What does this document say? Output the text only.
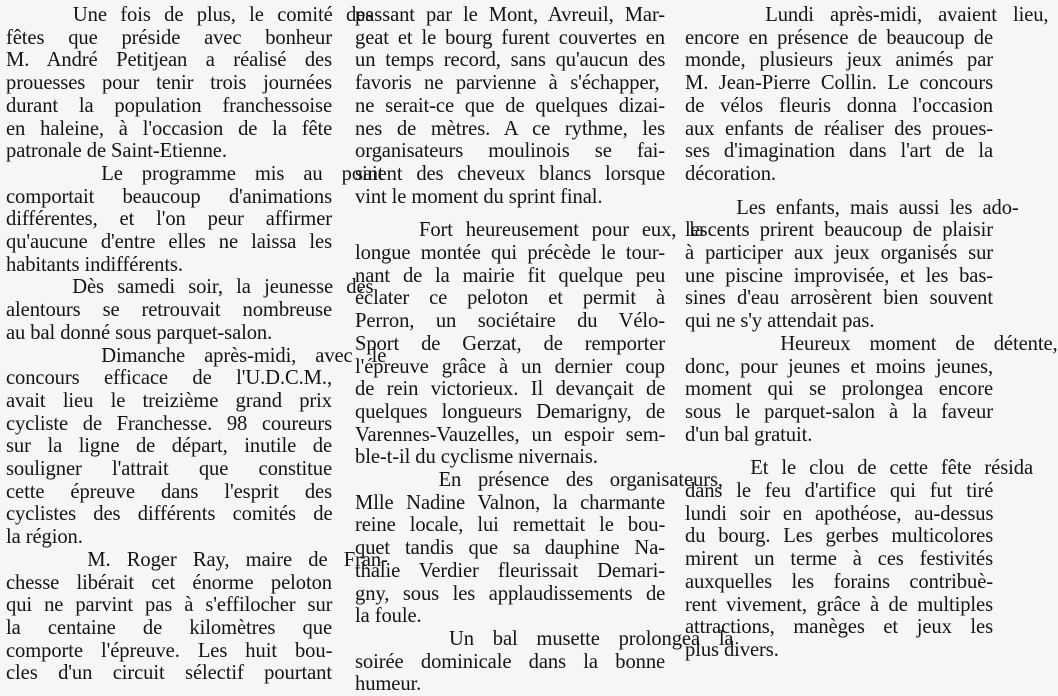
Une fois de plus, le comité des
fêtes que préside avec bonheur
M. André Petitjean a réalisé des
prouesses pour tenir trois journées
durant la population franchessoise
en haleine, à l'occasion de la fête
patronale de Saint-Etienne.
Le programme mis au point
comportait beaucoup d'animations
différentes, et l'on peur affirmer
qu'aucune d'entre elles ne laissa les
habitants indifférents.
Dès samedi soir, la jeunesse des
alentours se retrouvait nombreuse
au bal donné sous parquet-salon.
Dimanche après-midi, avec le
concours efficace de l'U.D.C.M.,
avait lieu le treizième grand prix
cycliste de Franchesse. 98 coureurs
sur la ligne de départ, inutile de
souligner l'attrait que constitue
cette épreuve dans l'esprit des
cyclistes des différents comités de
la région.
M. Roger Ray, maire de Fran-
chesse libérait cet énorme peloton
qui ne parvint pas à s'effilocher sur
la centaine de kilomètres que
comporte l'épreuve. Les huit bou-
cles d'un circuit sélectif pourtant
passant par le Mont, Avreuil, Mar-
geat et le bourg furent couvertes en
un temps record, sans qu'aucun des
favoris ne parvienne à s'échapper,
ne serait-ce que de quelques dizai-
nes de mètres. A ce rythme, les
organisateurs moulinois se fai-
saient des cheveux blancs lorsque
vint le moment du sprint final.
Fort heureusement pour eux, la
longue montée qui précède le tour-
nant de la mairie fit quelque peu
éclater ce peloton et permit à
Perron, un sociétaire du Vélo-
Sport de Gerzat, de remporter
l'épreuve grâce à un dernier coup
de rein victorieux. Il devançait de
quelques longueurs Demarigny, de
Varennes-Vauzelles, un espoir sem-
ble-t-il du cyclisme nivernais.
En présence des organisateurs,
Mlle Nadine Valnon, la charmante
reine locale, lui remettait le bou-
quet tandis que sa dauphine Na-
thalie Verdier fleurissait Demari-
gny, sous les applaudissements de
la foule.
Un bal musette prolongea la
soirée dominicale dans la bonne
humeur.
Lundi après-midi, avaient lieu,
encore en présence de beaucoup de
monde, plusieurs jeux animés par
M. Jean-Pierre Collin. Le concours
de vélos fleuris donna l'occasion
aux enfants de réaliser des proues-
ses d'imagination dans l'art de la
décoration.
Les enfants, mais aussi les ado-
lescents prirent beaucoup de plaisir
à participer aux jeux organisés sur
une piscine improvisée, et les bas-
sines d'eau arrosèrent bien souvent
qui ne s'y attendait pas.
Heureux moment de détente,
donc, pour jeunes et moins jeunes,
moment qui se prolongea encore
sous le parquet-salon à la faveur
d'un bal gratuit.
Et le clou de cette fête résida
dans le feu d'artifice qui fut tiré
lundi soir en apothéose, au-dessus
du bourg. Les gerbes multicolores
mirent un terme à ces festivités
auxquelles les forains contribuè-
rent vivement, grâce à de multiples
attractions, manèges et jeux les
plus divers.
